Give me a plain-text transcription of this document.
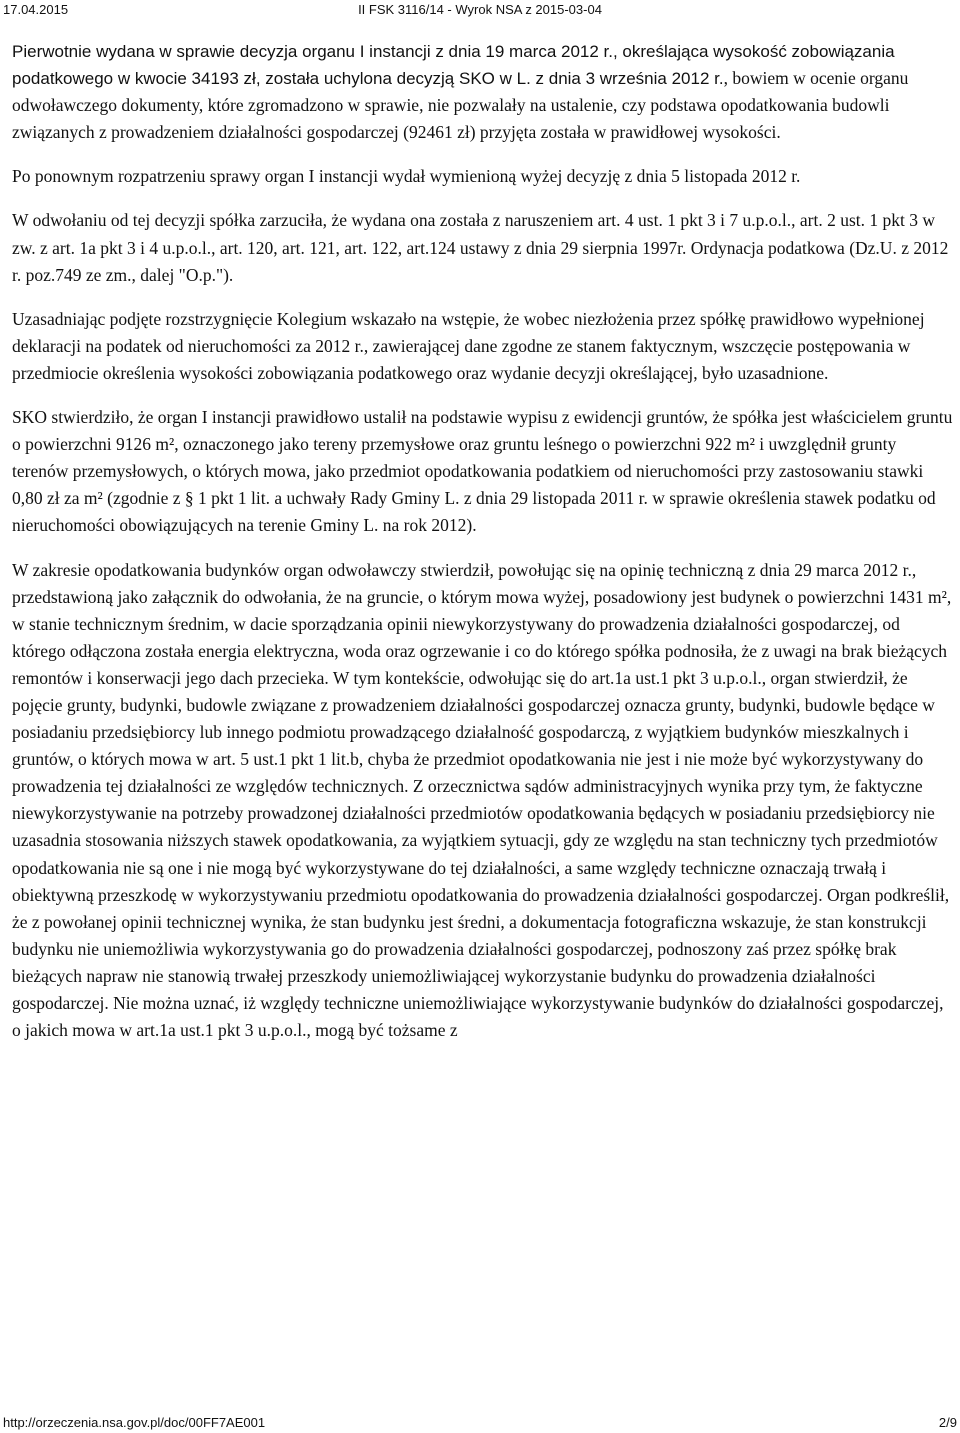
17.04.2015	II FSK 3116/14 - Wyrok NSA z 2015-03-04

Pierwotnie wydana w sprawie decyzja organu I instancji z dnia 19 marca 2012 r., określająca wysokość zobowiązania podatkowego w kwocie 34193 zł, została uchylona decyzją SKO w L. z dnia 3 września 2012 r., bowiem w ocenie organu odwoławczego dokumenty, które zgromadzono w sprawie, nie pozwalały na ustalenie, czy podstawa opodatkowania budowli związanych z prowadzeniem działalności gospodarczej (92461 zł) przyjęta została w prawidłowej wysokości.

Po ponownym rozpatrzeniu sprawy organ I instancji wydał wymienioną wyżej decyzję z dnia 5 listopada 2012 r.

W odwołaniu od tej decyzji spółka zarzuciła, że wydana ona została z naruszeniem art. 4 ust. 1 pkt 3 i 7 u.p.o.l., art. 2 ust. 1 pkt 3 w zw. z art. 1a pkt 3 i 4 u.p.o.l., art. 120, art. 121, art. 122, art.124 ustawy z dnia 29 sierpnia 1997r. Ordynacja podatkowa (Dz.U. z 2012 r. poz.749 ze zm., dalej "O.p.").

Uzasadniając podjęte rozstrzygnięcie Kolegium wskazało na wstępie, że wobec niezłożenia przez spółkę prawidłowo wypełnionej deklaracji na podatek od nieruchomości za 2012 r., zawierającej dane zgodne ze stanem faktycznym, wszczęcie postępowania w przedmiocie określenia wysokości zobowiązania podatkowego oraz wydanie decyzji określającej, było uzasadnione.

SKO stwierdziło, że organ I instancji prawidłowo ustalił na podstawie wypisu z ewidencji gruntów, że spółka jest właścicielem gruntu o powierzchni 9126 m², oznaczonego jako tereny przemysłowe oraz gruntu leśnego o powierzchni 922 m² i uwzględnił grunty terenów przemysłowych, o których mowa, jako przedmiot opodatkowania podatkiem od nieruchomości przy zastosowaniu stawki 0,80 zł za m² (zgodnie z § 1 pkt 1 lit. a uchwały Rady Gminy L. z dnia 29 listopada 2011 r. w sprawie określenia stawek podatku od nieruchomości obowiązujących na terenie Gminy L. na rok 2012).

W zakresie opodatkowania budynków organ odwoławczy stwierdził, powołując się na opinię techniczną z dnia 29 marca 2012 r., przedstawioną jako załącznik do odwołania, że na gruncie, o którym mowa wyżej, posadowiony jest budynek o powierzchni 1431 m², w stanie technicznym średnim, w dacie sporządzania opinii niewykorzystywany do prowadzenia działalności gospodarczej, od którego odłączona została energia elektryczna, woda oraz ogrzewanie i co do którego spółka podnosiła, że z uwagi na brak bieżących remontów i konserwacji jego dach przecieka. W tym kontekście, odwołując się do art.1a ust.1 pkt 3 u.p.o.l., organ stwierdził, że pojęcie grunty, budynki, budowle związane z prowadzeniem działalności gospodarczej oznacza grunty, budynki, budowle będące w posiadaniu przedsiębiorcy lub innego podmiotu prowadzącego działalność gospodarczą, z wyjątkiem budynków mieszkalnych i gruntów, o których mowa w art. 5 ust.1 pkt 1 lit.b, chyba że przedmiot opodatkowania nie jest i nie może być wykorzystywany do prowadzenia tej działalności ze względów technicznych. Z orzecznictwa sądów administracyjnych wynika przy tym, że faktyczne niewykorzystywanie na potrzeby prowadzonej działalności przedmiotów opodatkowania będących w posiadaniu przedsiębiorcy nie uzasadnia stosowania niższych stawek opodatkowania, za wyjątkiem sytuacji, gdy ze względu na stan techniczny tych przedmiotów opodatkowania nie są one i nie mogą być wykorzystywane do tej działalności, a same względy techniczne oznaczają trwałą i obiektywną przeszkodę w wykorzystywaniu przedmiotu opodatkowania do prowadzenia działalności gospodarczej. Organ podkreślił, że z powołanej opinii technicznej wynika, że stan budynku jest średni, a dokumentacja fotograficzna wskazuje, że stan konstrukcji budynku nie uniemożliwia wykorzystywania go do prowadzenia działalności gospodarczej, podnoszony zaś przez spółkę brak bieżących napraw nie stanowią trwałej przeszkody uniemożliwiającej wykorzystanie budynku do prowadzenia działalności gospodarczej. Nie można uznać, iż względy techniczne uniemożliwiające wykorzystywanie budynków do działalności gospodarczej, o jakich mowa w art.1a ust.1 pkt 3 u.p.o.l., mogą być tożsame z

http://orzeczenia.nsa.gov.pl/doc/00FF7AE001	2/9
